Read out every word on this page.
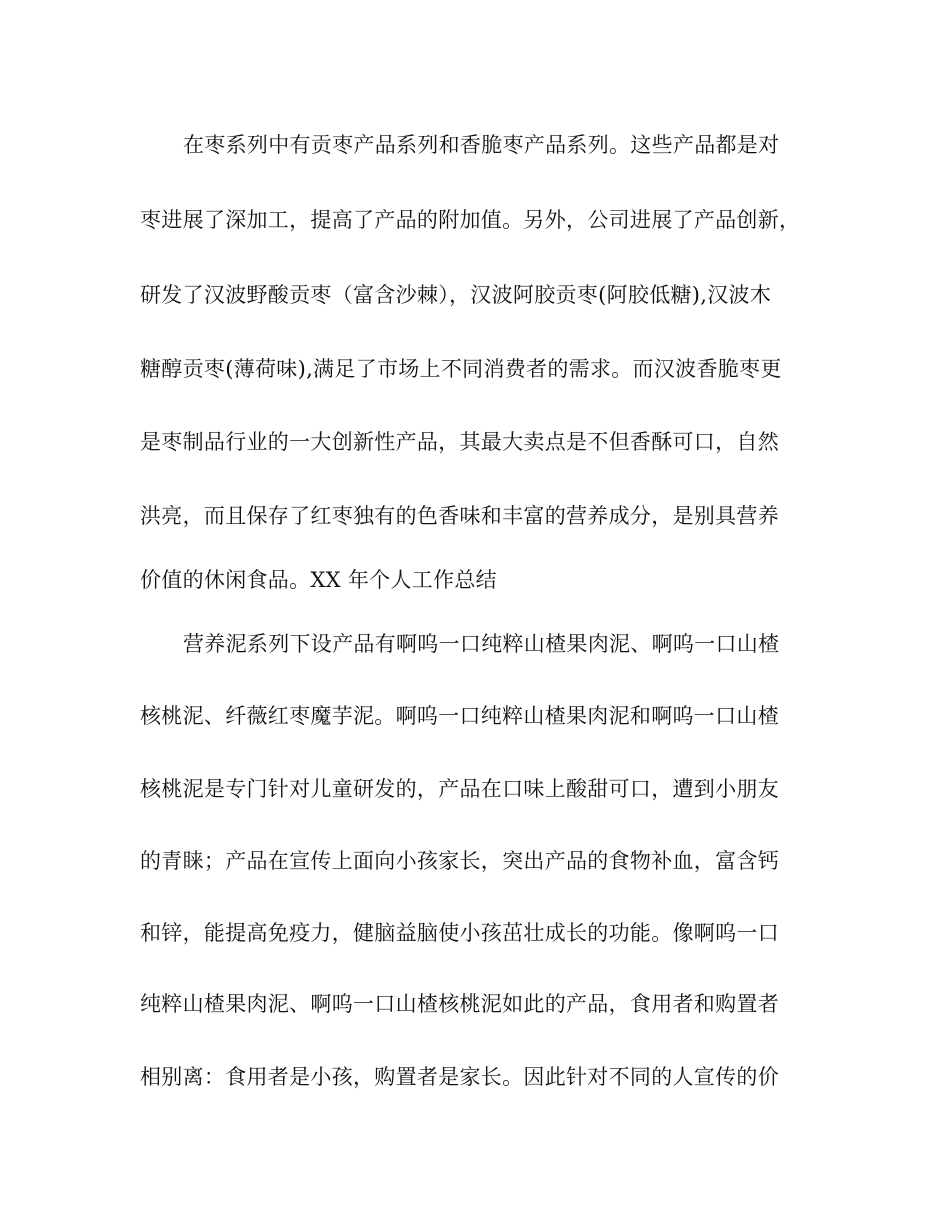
在枣系列中有贡枣产品系列和香脆枣产品系列。这些产品都是对
枣进展了深加工，提高了产品的附加值。另外，公司进展了产品创新，
研发了汉波野酸贡枣（富含沙棘），汉波阿胶贡枣(阿胶低糖),汉波木
糖醇贡枣(薄荷味),满足了市场上不同消费者的需求。而汉波香脆枣更
是枣制品行业的一大创新性产品，其最大卖点是不但香酥可口，自然
洪亮，而且保存了红枣独有的色香味和丰富的营养成分，是别具营养
价值的休闲食品。XX 年个人工作总结
营养泥系列下设产品有啊呜一口纯粹山楂果肉泥、啊呜一口山楂
核桃泥、纤薇红枣魔芋泥。啊呜一口纯粹山楂果肉泥和啊呜一口山楂
核桃泥是专门针对儿童研发的，产品在口味上酸甜可口，遭到小朋友
的青睐；产品在宣传上面向小孩家长，突出产品的食物补血，富含钙
和锌，能提高免疫力，健脑益脑使小孩茁壮成长的功能。像啊呜一口
纯粹山楂果肉泥、啊呜一口山楂核桃泥如此的产品，食用者和购置者
相别离：食用者是小孩，购置者是家长。因此针对不同的人宣传的价
